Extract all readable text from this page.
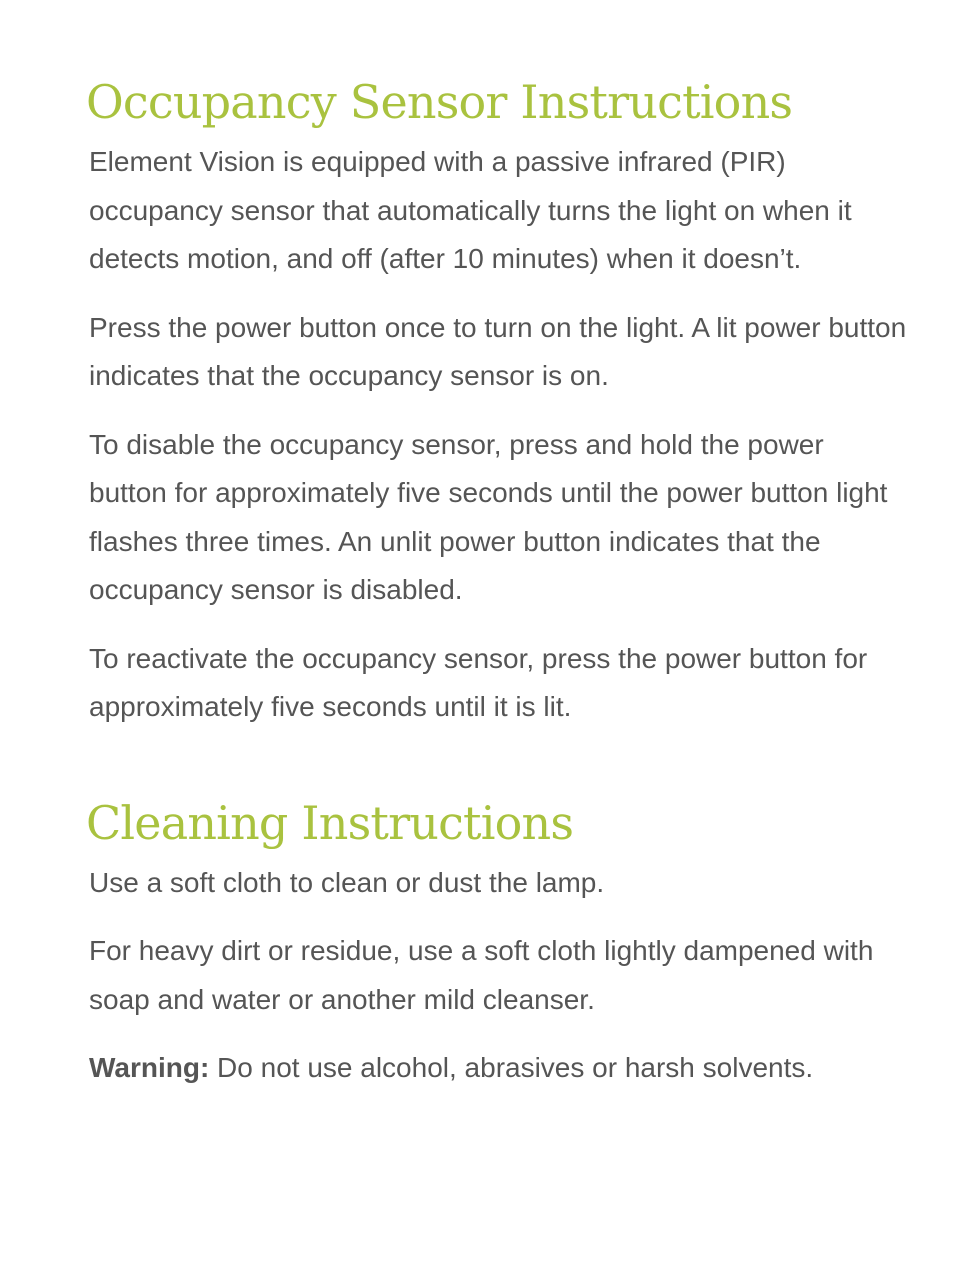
Occupancy Sensor Instructions

Element Vision is equipped with a passive infrared (PIR) occupancy sensor that automatically turns the light on when it detects motion, and off (after 10 minutes) when it doesn’t.

Press the power button once to turn on the light. A lit power button indicates that the occupancy sensor is on.

To disable the occupancy sensor, press and hold the power button for approximately five seconds until the power button light flashes three times. An unlit power button indicates that the occupancy sensor is disabled.

To reactivate the occupancy sensor, press the power button for approximately five seconds until it is lit.

Cleaning Instructions

Use a soft cloth to clean or dust the lamp.

For heavy dirt or residue, use a soft cloth lightly dampened with soap and water or another mild cleanser.

Warning: Do not use alcohol, abrasives or harsh solvents.
